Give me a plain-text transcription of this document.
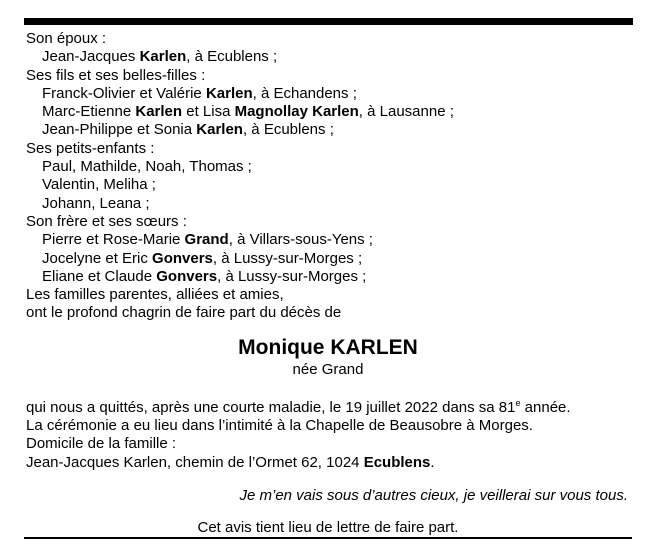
Son époux :
Jean-Jacques Karlen, à Ecublens ;
Ses fils et ses belles-filles :
Franck-Olivier et Valérie Karlen, à Echandens ;
Marc-Etienne Karlen et Lisa Magnollay Karlen, à Lausanne ;
Jean-Philippe et Sonia Karlen, à Ecublens ;
Ses petits-enfants :
Paul, Mathilde, Noah, Thomas ;
Valentin, Meliha ;
Johann, Leana ;
Son frère et ses sœurs :
Pierre et Rose-Marie Grand, à Villars-sous-Yens ;
Jocelyne et Eric Gonvers, à Lussy-sur-Morges ;
Eliane et Claude Gonvers, à Lussy-sur-Morges ;
Les familles parentes, alliées et amies,
ont le profond chagrin de faire part du décès de
Monique KARLEN
née Grand
qui nous a quittés, après une courte maladie, le 19 juillet 2022 dans sa 81e année.
La cérémonie a eu lieu dans l’intimité à la Chapelle de Beausobre à Morges.
Domicile de la famille :
Jean-Jacques Karlen, chemin de l’Ormet 62, 1024 Ecublens.
Je m’en vais sous d’autres cieux, je veillerai sur vous tous.
Cet avis tient lieu de lettre de faire part.
